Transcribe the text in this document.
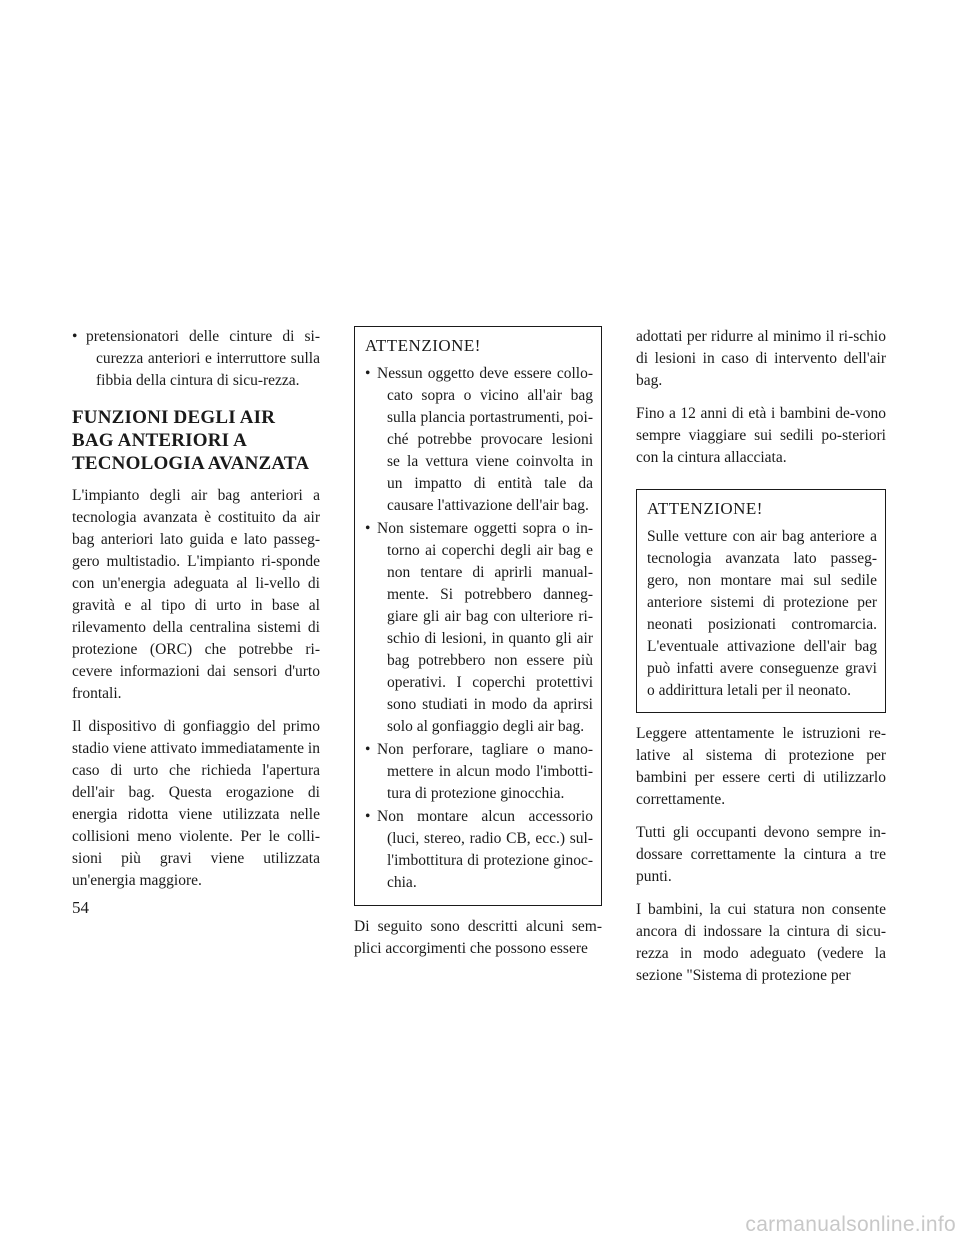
• pretensionatori delle cinture di si-curezza anteriori e interruttore sulla fibbia della cintura di sicu-rezza.
FUNZIONI DEGLI AIR BAG ANTERIORI A TECNOLOGIA AVANZATA

L'impianto degli air bag anteriori a tecnologia avanzata è costituito da air bag anteriori lato guida e lato passeg-gero multistadio. L'impianto ri-sponde con un'energia adeguata al li-vello di gravità e al tipo di urto in base al rilevamento della centralina sistemi di protezione (ORC) che potrebbe ri-cevere informazioni dai sensori d'urto frontali.

Il dispositivo di gonfiaggio del primo stadio viene attivato immediatamente in caso di urto che richieda l'apertura dell'air bag. Questa erogazione di energia ridotta viene utilizzata nelle collisioni meno violente. Per le colli-sioni più gravi viene utilizzata un'energia maggiore.

ATTENZIONE!
• Nessun oggetto deve essere collo-cato sopra o vicino all'air bag sulla plancia portastrumenti, poi-ché potrebbe provocare lesioni se la vettura viene coinvolta in un impatto di entità tale da causare l'attivazione dell'air bag.
• Non sistemare oggetti sopra o in-torno ai coperchi degli air bag e non tentare di aprirli manual-mente. Si potrebbero danneg-giare gli air bag con ulteriore ri-schio di lesioni, in quanto gli air bag potrebbero non essere più operativi. I coperchi protettivi sono studiati in modo da aprirsi solo al gonfiaggio degli air bag.
• Non perforare, tagliare o mano-mettere in alcun modo l'imbotti-tura di protezione ginocchia.
• Non montare alcun accessorio (luci, stereo, radio CB, ecc.) sul-l'imbottitura di protezione ginoc-chia.

Di seguito sono descritti alcuni sem-plici accorgimenti che possono essere

adottati per ridurre al minimo il ri-schio di lesioni in caso di intervento dell'air bag.

Fino a 12 anni di età i bambini de-vono sempre viaggiare sui sedili po-steriori con la cintura allacciata.

ATTENZIONE!

Sulle vetture con air bag anteriore a tecnologia avanzata lato passeg-gero, non montare mai sul sedile anteriore sistemi di protezione per neonati posizionati contromarcia. L'eventuale attivazione dell'air bag può infatti avere conseguenze gravi o addirittura letali per il neonato.

Leggere attentamente le istruzioni re-lative al sistema di protezione per bambini per essere certi di utilizzarlo correttamente.

Tutti gli occupanti devono sempre in-dossare correttamente la cintura a tre punti.

I bambini, la cui statura non consente ancora di indossare la cintura di sicu-rezza in modo adeguato (vedere la sezione "Sistema di protezione per

54
carmanualsonline.info
